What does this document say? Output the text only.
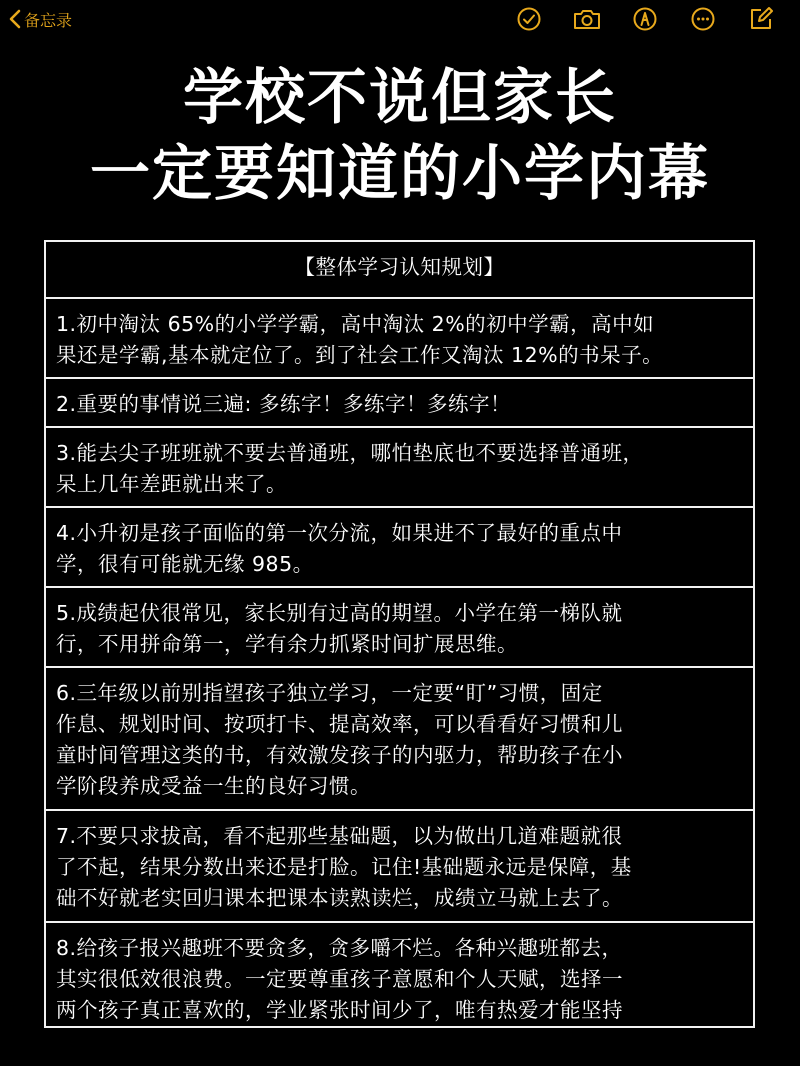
备忘录
学校不说但家长
一定要知道的小学内幕
【整体学习认知规划】
1.初中淘汰 65%的小学学霸，高中淘汰 2%的初中学霸，高中如
果还是学霸,基本就定位了。到了社会工作又淘汰 12%的书呆子。
2.重要的事情说三遍: 多练字！多练字！多练字！
3.能去尖子班班就不要去普通班，哪怕垫底也不要选择普通班，
呆上几年差距就出来了。
4.小升初是孩子面临的第一次分流，如果进不了最好的重点中
学，很有可能就无缘 985。
5.成绩起伏很常见，家长别有过高的期望。小学在第一梯队就
行，不用拼命第一，学有余力抓紧时间扩展思维。
6.三年级以前别指望孩子独立学习，一定要“盯”习惯，固定
作息、规划时间、按项打卡、提高效率，可以看看好习惯和儿
童时间管理这类的书，有效激发孩子的内驱力，帮助孩子在小
学阶段养成受益一生的良好习惯。
7.不要只求拔高，看不起那些基础题，以为做出几道难题就很
了不起，结果分数出来还是打脸。记住!基础题永远是保障，基
础不好就老实回归课本把课本读熟读烂，成绩立马就上去了。
8.给孩子报兴趣班不要贪多，贪多嚼不烂。各种兴趣班都去，
其实很低效很浪费。一定要尊重孩子意愿和个人天赋，选择一
两个孩子真正喜欢的，学业紧张时间少了，唯有热爱才能坚持
